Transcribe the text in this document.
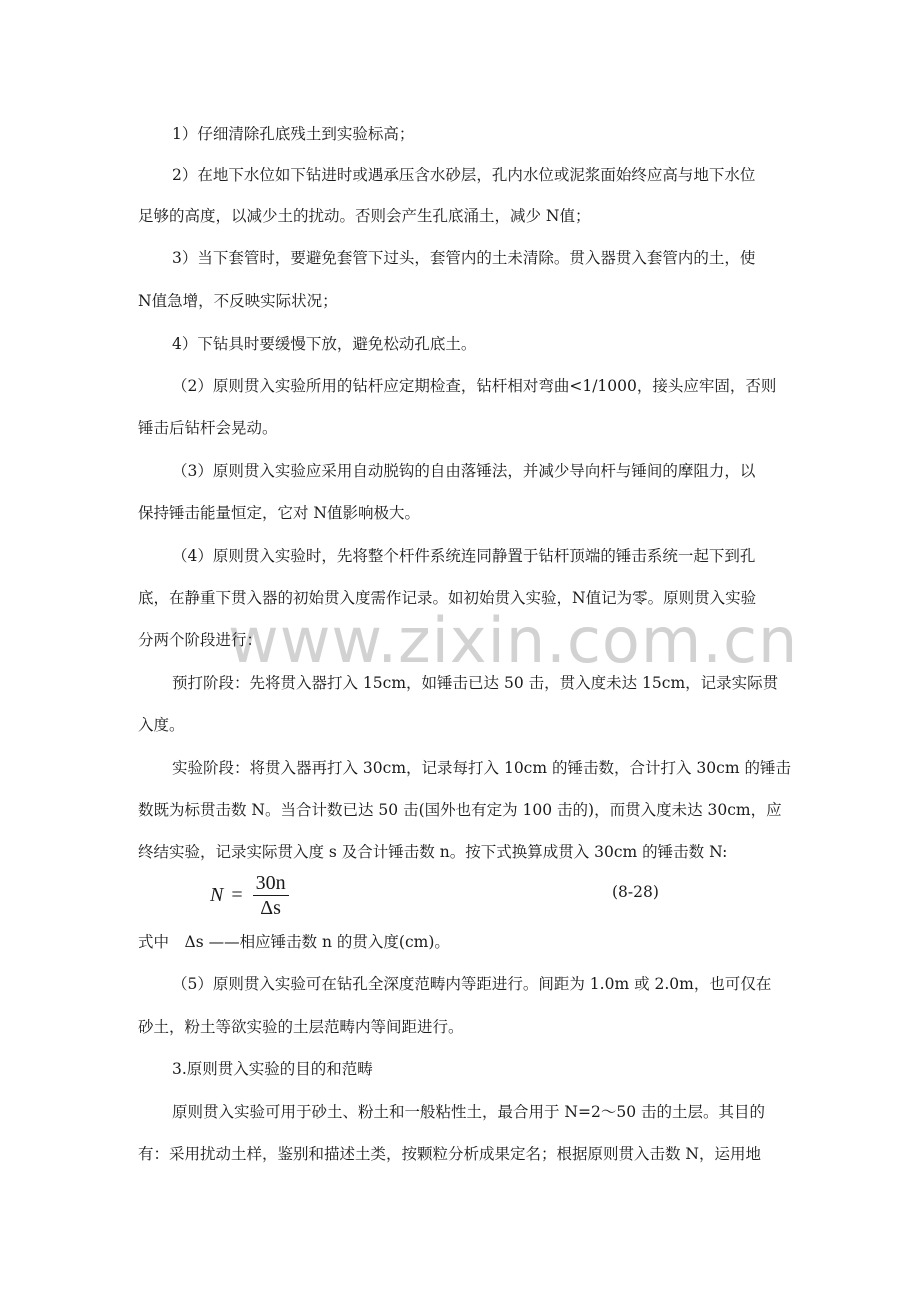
www.zixin.com.cn
1）仔细清除孔底残土到实验标高；
2）在地下水位如下钻进时或遇承压含水砂层，孔内水位或泥浆面始终应高与地下水位
足够的高度，以减少土的扰动。否则会产生孔底涌土，减少 N值；
3）当下套管时，要避免套管下过头，套管内的土未清除。贯入器贯入套管内的土，使
N值急增，不反映实际状况；
4）下钻具时要缓慢下放，避免松动孔底土。
（2）原则贯入实验所用的钻杆应定期检查，钻杆相对弯曲<1/1000，接头应牢固，否则
锤击后钻杆会晃动。
（3）原则贯入实验应采用自动脱钩的自由落锤法，并减少导向杆与锤间的摩阻力，以
保持锤击能量恒定，它对 N值影响极大。
（4）原则贯入实验时，先将整个杆件系统连同静置于钻杆顶端的锤击系统一起下到孔
底，在静重下贯入器的初始贯入度需作记录。如初始贯入实验，N值记为零。原则贯入实验
分两个阶段进行：
预打阶段：先将贯入器打入 15cm，如锤击已达 50 击，贯入度未达 15cm，记录实际贯
入度。
实验阶段：将贯入器再打入 30cm，记录每打入 10cm 的锤击数，合计打入 30cm 的锤击
数既为标贯击数 N。当合计数已达 50 击(国外也有定为 100 击的)，而贯入度未达 30cm，应
终结实验，记录实际贯入度 s 及合计锤击数 n。按下式换算成贯入 30cm 的锤击数 N:
$N = \frac{30n}{\Delta s}$	(8-28)
式中　Δs ——相应锤击数 n 的贯入度(cm)。
（5）原则贯入实验可在钻孔全深度范畴内等距进行。间距为 1.0m 或 2.0m，也可仅在
砂土，粉土等欲实验的土层范畴内等间距进行。
3.原则贯入实验的目的和范畴
原则贯入实验可用于砂土、粉土和一般粘性土，最合用于 N=2～50 击的土层。其目的
有：采用扰动土样，鉴别和描述土类，按颗粒分析成果定名；根据原则贯入击数 N，运用地
